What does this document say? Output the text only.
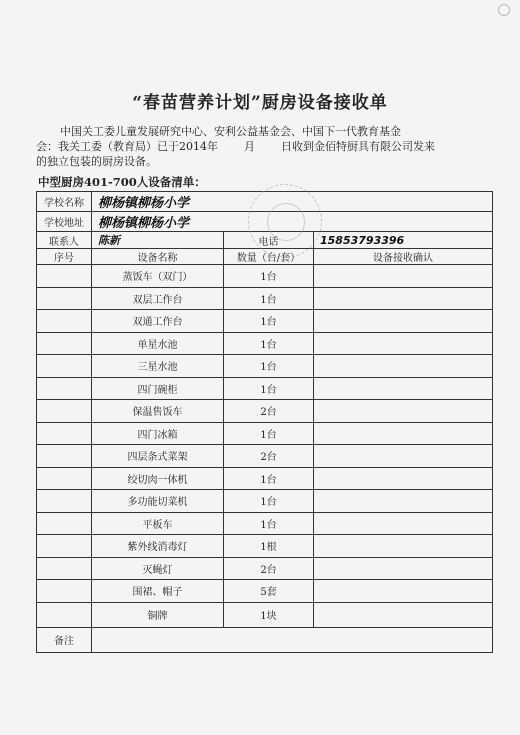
“春苗营养计划”厨房设备接收单
中国关工委儿童发展研究中心、安利公益基金会、中国下一代教育基金
会：我关工委（教育局）已于2014年 月 日收到金佰特厨具有限公司发来
的独立包装的厨房设备。
中型厨房401-700人设备清单：
学校名称	柳杨镇柳杨小学		
学校地址	柳杨镇柳杨小学		
联系人	陈新	电话	15853793396
序号	设备名称	数量（台/套）	设备接收确认
	蒸饭车（双门）	1台	
	双层工作台	1台	
	双通工作台	1台	
	单星水池	1台	
	三星水池	1台	
	四门碗柜	1台	
	保温售饭车	2台	
	四门冰箱	1台	
	四层条式菜架	2台	
	绞切肉一体机	1台	
	多功能切菜机	1台	
	平板车	1台	
	紫外线消毒灯	1根	
	灭蝇灯	2台	
	围裙、帽子	5套	
	铜牌	1块	
备注			
